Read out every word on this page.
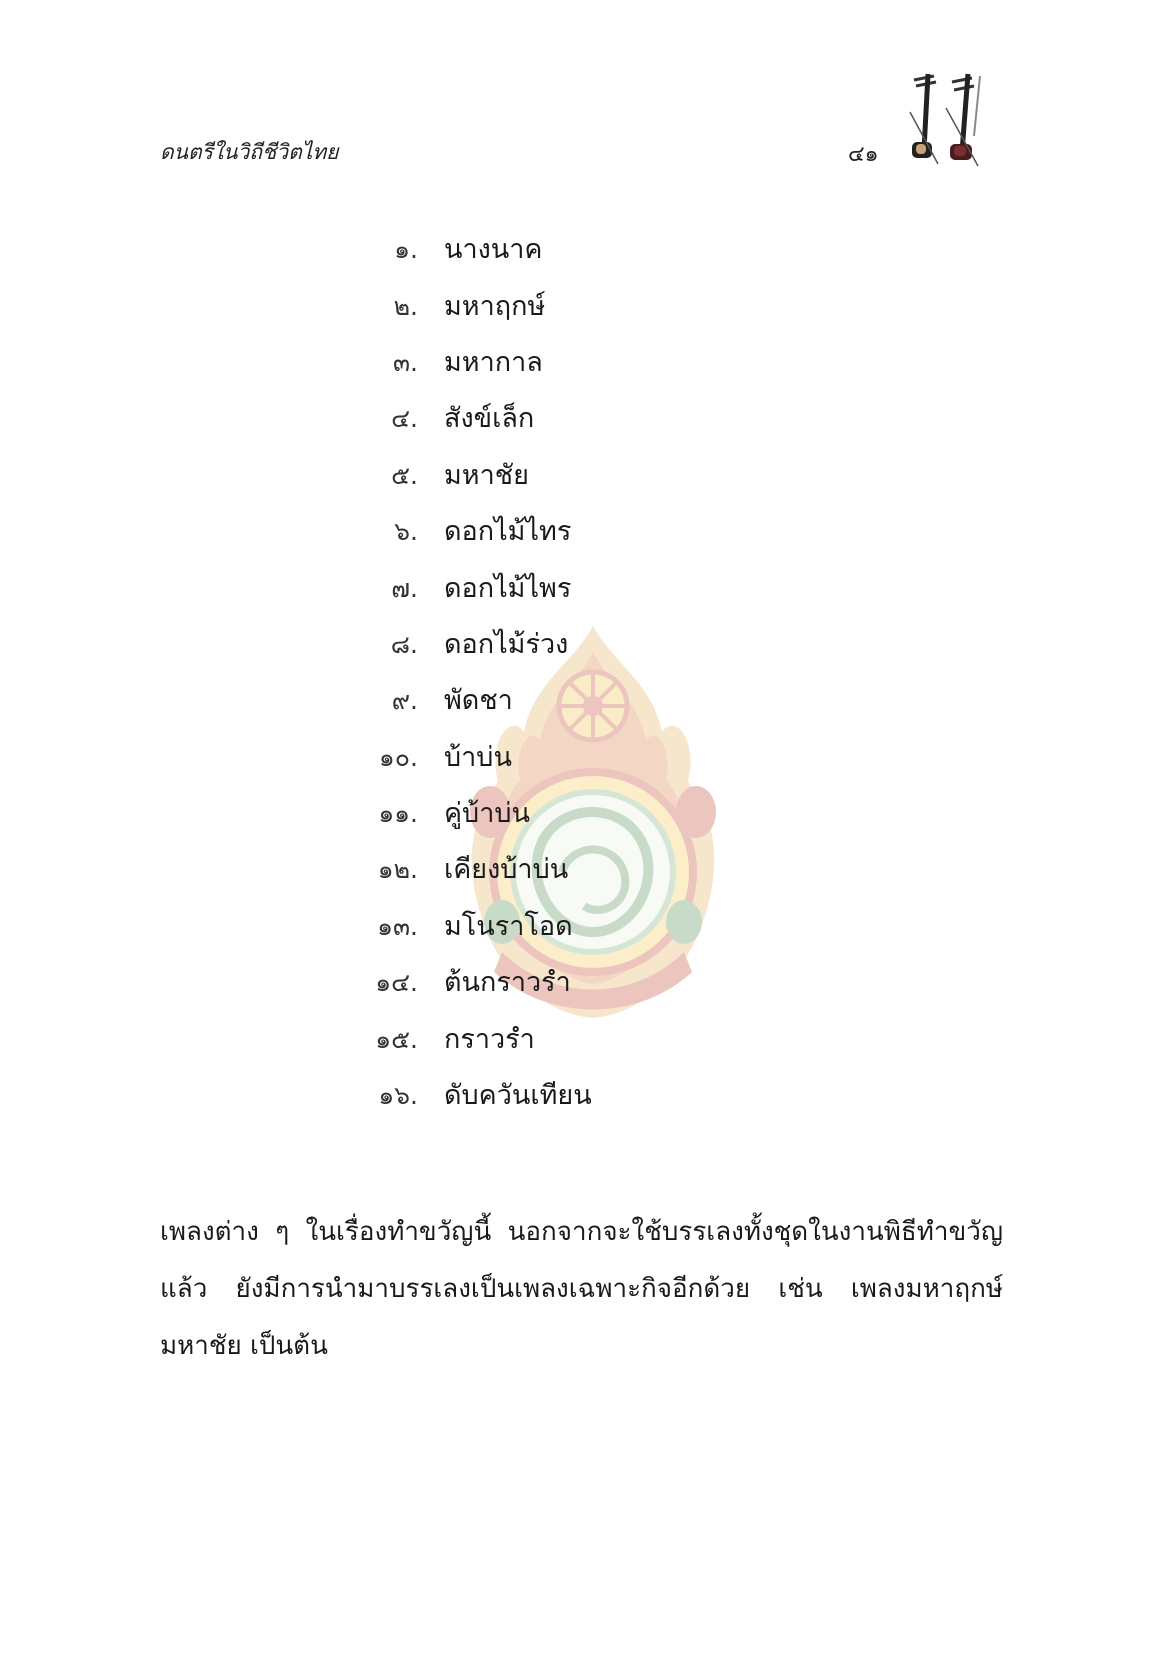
ดนตรีในวิถีชีวิตไทย	๔๑
๑. นางนาค
๒. มหาฤกษ์
๓. มหากาล
๔. สังข์เล็ก
๕. มหาชัย
๖. ดอกไม้ไทร
๗. ดอกไม้ไพร
๘. ดอกไม้ร่วง
๙. พัดชา
๑๐. บ้าบ่น
๑๑. คู่บ้าบ่น
๑๒. เคียงบ้าบ่น
๑๓. มโนราโอด
๑๔. ต้นกราวรำ
๑๕. กราวรำ
๑๖. ดับควันเทียน

เพลงต่าง ๆ ในเรื่องทำขวัญนี้ นอกจากจะใช้บรรเลงทั้งชุดในงานพิธีทำขวัญแล้ว ยังมีการนำมาบรรเลงเป็นเพลงเฉพาะกิจอีกด้วย เช่น เพลงมหาฤกษ์ มหาชัย เป็นต้น
